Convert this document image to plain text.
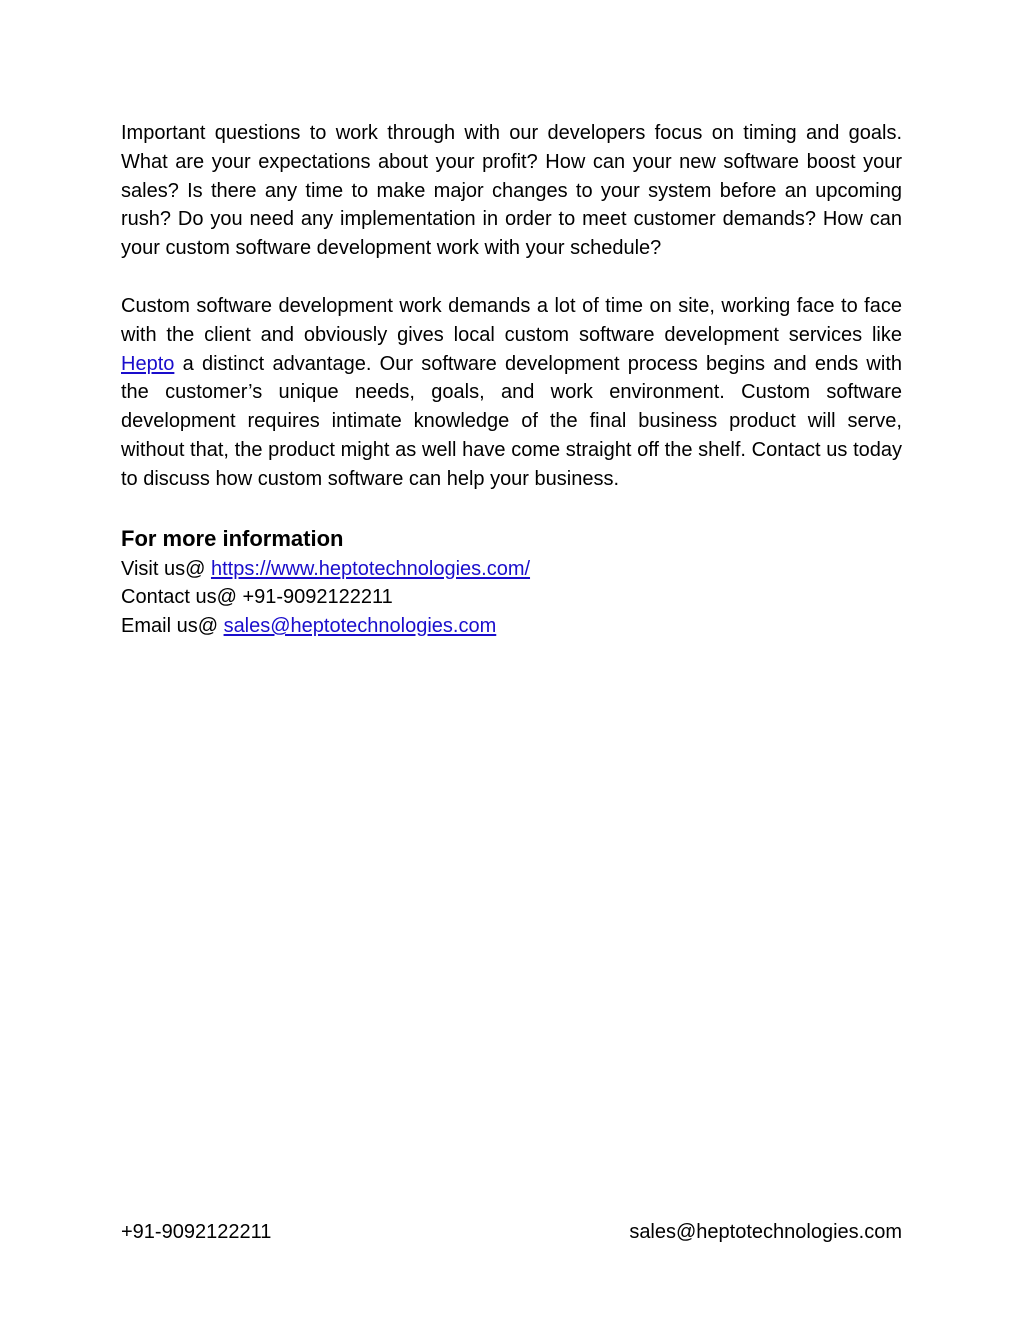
Important questions to work through with our developers focus on timing and goals. What are your expectations about your profit? How can your new software boost your sales? Is there any time to make major changes to your system before an upcoming rush? Do you need any implementation in order to meet customer demands? How can your custom software development work with your schedule?

Custom software development work demands a lot of time on site, working face to face with the client and obviously gives local custom software development services like Hepto a distinct advantage. Our software development process begins and ends with the customer’s unique needs, goals, and work environment. Custom software development requires intimate knowledge of the final business product will serve, without that, the product might as well have come straight off the shelf. Contact us today to discuss how custom software can help your business.

For more information

Visit us@ https://www.heptotechnologies.com/

Contact us@ +91-9092122211

Email us@ sales@heptotechnologies.com

+91-9092122211	sales@heptotechnologies.com
